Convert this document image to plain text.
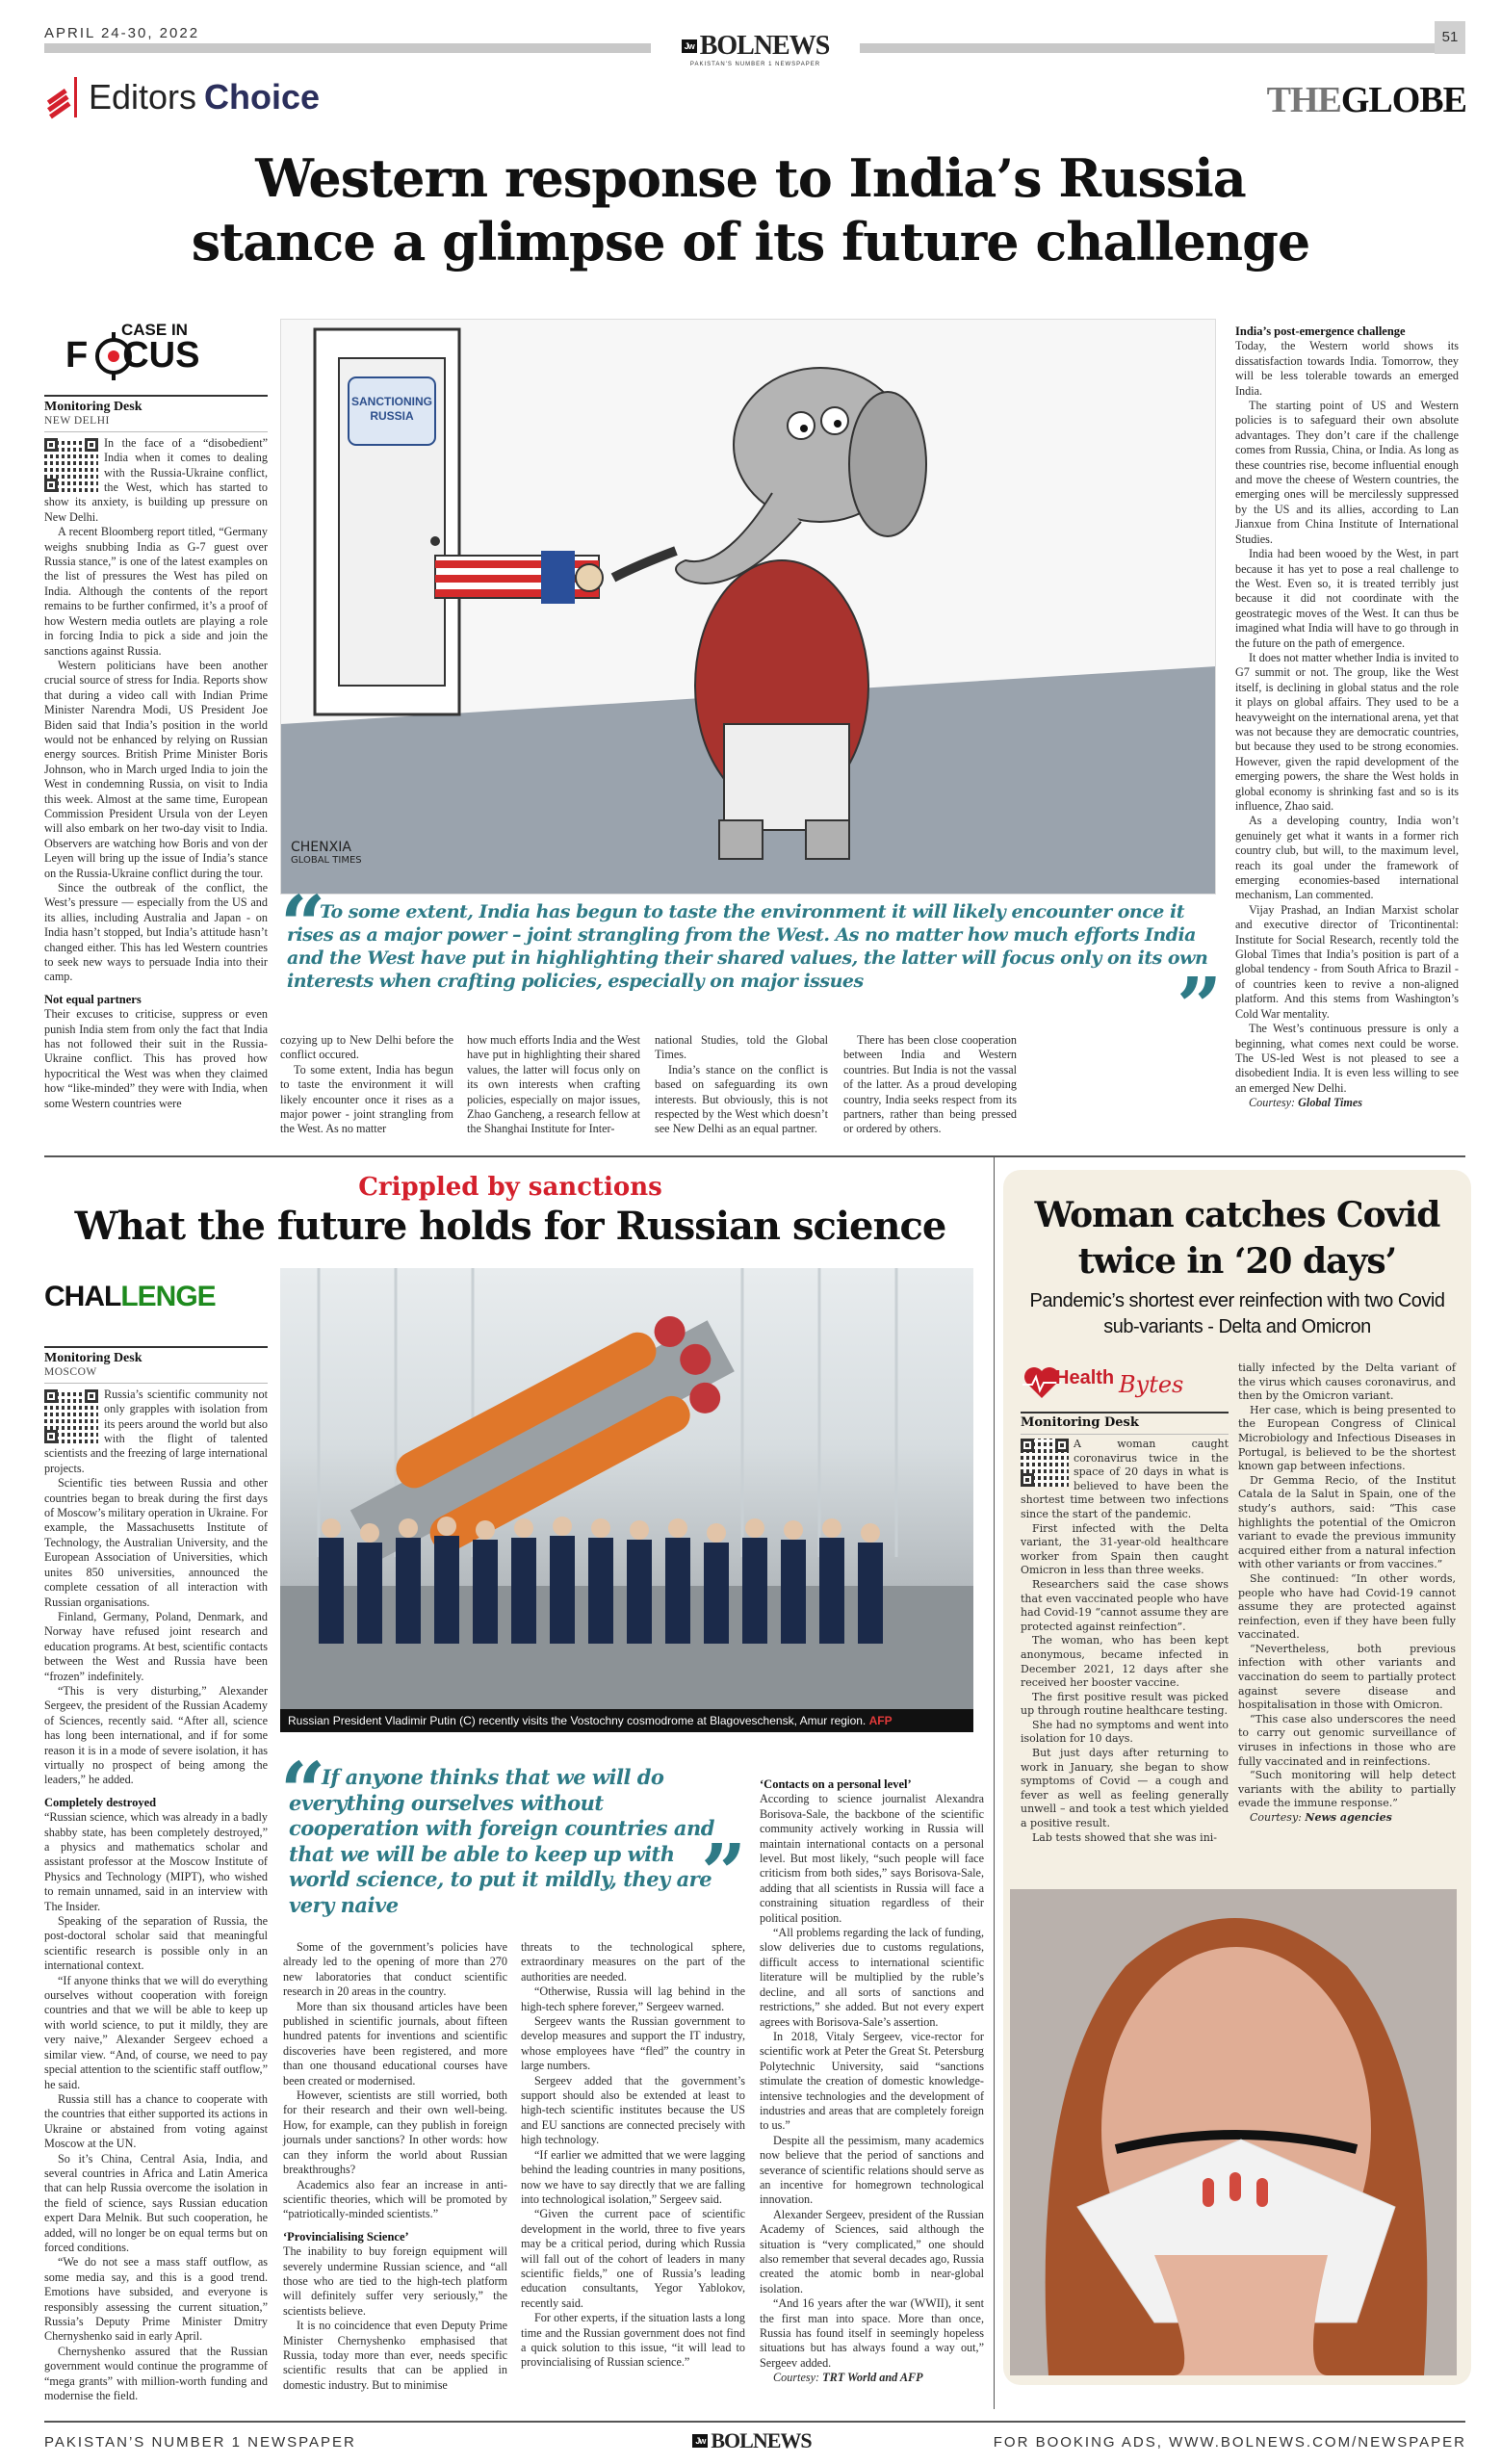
APRIL 24-30, 2022	51
Jw BOLNEWS
PAKISTAN'S NUMBER 1 NEWSPAPER
Editors Choice	THEGLOBE
Western response to India’s Russia
stance a glimpse of its future challenge
CASE IN
F CUS
Monitoring Desk
NEW DELHI

In the face of a “disobedient” India when it comes to dealing with the Russia-Ukraine conflict, the West, which has started to show its anxiety, is building up pressure on New Delhi.

A recent Bloomberg report titled, “Germany weighs snubbing India as G-7 guest over Russia stance,” is one of the latest examples on the list of pressures the West has piled on India. Although the contents of the report remains to be further confirmed, it’s a proof of how Western media outlets are playing a role in forcing India to pick a side and join the sanctions against Russia.

Western politicians have been another crucial source of stress for India. Reports show that during a video call with Indian Prime Minister Narendra Modi, US President Joe Biden said that India’s position in the world would not be enhanced by relying on Russian energy sources. British Prime Minister Boris Johnson, who in March urged India to join the West in condemning Russia, on visit to India this week. Almost at the same time, European Commission President Ursula von der Leyen will also embark on her two-day visit to India. Observers are watching how Boris and von der Leyen will bring up the issue of India’s stance on the Russia-Ukraine conflict during the tour.

Since the outbreak of the conflict, the West’s pressure — especially from the US and its allies, including Australia and Japan - on India hasn’t stopped, but India’s attitude hasn’t changed either. This has led Western countries to seek new ways to persuade India into their camp.

Not equal partners

Their excuses to criticise, suppress or even punish India stem from only the fact that India has not followed their suit in the Russia-Ukraine conflict. This has proved how hypocritical the West was when they claimed how “like-minded” they were with India, when some Western countries were

SANCTIONING RUSSIA
CHENXIA
GLOBAL TIMES
“
To some extent, India has begun to taste the environment it will likely encounter once it rises as a major power – joint strangling from the West. As no matter how much efforts India and the West have put in highlighting their shared values, the latter will focus only on its own interests when crafting policies, especially on major issues	”

cozying up to New Delhi before the conflict occured.

To some extent, India has begun to taste the environment it will likely encounter once it rises as a major power - joint strangling from the West. As no matter

how much efforts India and the West have put in highlighting their shared values, the latter will focus only on its own interests when crafting policies, especially on major issues, Zhao Gancheng, a research fellow at the Shanghai Institute for Inter-

national Studies, told the Global Times.

India’s stance on the conflict is based on safeguarding its own interests. But obviously, this is not respected by the West which doesn’t see New Delhi as an equal partner.

There has been close cooperation between India and Western countries. But India is not the vassal of the latter. As a proud developing country, India seeks respect from its partners, rather than being pressed or ordered by others.

India’s post-emergence challenge

Today, the Western world shows its dissatisfaction towards India. Tomorrow, they will be less tolerable towards an emerged India.

The starting point of US and Western policies is to safeguard their own absolute advantages. They don’t care if the challenge comes from Russia, China, or India. As long as these countries rise, become influential enough and move the cheese of Western countries, the emerging ones will be mercilessly suppressed by the US and its allies, according to Lan Jianxue from China Institute of International Studies.

India had been wooed by the West, in part because it has yet to pose a real challenge to the West. Even so, it is treated terribly just because it did not coordinate with the geostrategic moves of the West. It can thus be imagined what India will have to go through in the future on the path of emergence.

It does not matter whether India is invited to G7 summit or not. The group, like the West itself, is declining in global status and the role it plays on global affairs. They used to be a heavyweight on the international arena, yet that was not because they are democratic countries, but because they used to be strong economies. However, given the rapid development of the emerging powers, the share the West holds in global economy is shrinking fast and so is its influence, Zhao said.

As a developing country, India won’t genuinely get what it wants in a former rich country club, but will, to the maximum level, reach its goal under the framework of emerging economies-based international mechanism, Lan commented.

Vijay Prashad, an Indian Marxist scholar and executive director of Tricontinental: Institute for Social Research, recently told the Global Times that India’s position is part of a global tendency - from South Africa to Brazil - of countries keen to revive a non-aligned platform. And this stems from Washington’s Cold War mentality.

The West’s continuous pressure is only a beginning, what comes next could be worse. The US-led West is not pleased to see a disobedient India. It is even less willing to see an emerged New Delhi.

Courtesy: Global Times

Crippled by sanctions
What the future holds for Russian science
CHALLENGE
Monitoring Desk
MOSCOW

Russia’s scientific community not only grapples with isolation from its peers around the world but also with the flight of talented scientists and the freezing of large international projects.

Scientific ties between Russia and other countries began to break during the first days of Moscow’s military operation in Ukraine. For example, the Massachusetts Institute of Technology, the Australian University, and the European Association of Universities, which unites 850 universities, announced the complete cessation of all interaction with Russian organisations.

Finland, Germany, Poland, Denmark, and Norway have refused joint research and education programs. At best, scientific contacts between the West and Russia have been “frozen” indefinitely.

“This is very disturbing,” Alexander Sergeev, the president of the Russian Academy of Sciences, recently said. “After all, science has long been international, and if for some reason it is in a mode of severe isolation, it has virtually no prospect of being among the leaders,” he added.

Completely destroyed

“Russian science, which was already in a badly shabby state, has been completely destroyed,” a physics and mathematics scholar and assistant professor at the Moscow Institute of Physics and Technology (MIPT), who wished to remain unnamed, said in an interview with The Insider.

Speaking of the separation of Russia, the post-doctoral scholar said that meaningful scientific research is possible only in an international context.

“If anyone thinks that we will do everything ourselves without cooperation with foreign countries and that we will be able to keep up with world science, to put it mildly, they are very naive,” Alexander Sergeev echoed a similar view. “And, of course, we need to pay special attention to the scientific staff outflow,” he said.

Russia still has a chance to cooperate with the countries that either supported its actions in Ukraine or abstained from voting against Moscow at the UN.

So it’s China, Central Asia, India, and several countries in Africa and Latin America that can help Russia overcome the isolation in the field of science, says Russian education expert Dara Melnik. But such cooperation, he added, will no longer be on equal terms but on forced conditions.

“We do not see a mass staff outflow, as some media say, and this is a good trend. Emotions have subsided, and everyone is responsibly assessing the current situation,” Russia’s Deputy Prime Minister Dmitry Chernyshenko said in early April.

Chernyshenko assured that the Russian government would continue the programme of “mega grants” with million-worth funding and modernise the field.

Russian President Vladimir Putin (C) recently visits the Vostochny cosmodrome at Blagoveschensk, Amur region. AFP
“
If anyone thinks that we will do everything ourselves without cooperation with foreign countries and that we will be able to keep up with world science, to put it mildly, they are very naive	”

Some of the government’s policies have already led to the opening of more than 270 new laboratories that conduct scientific research in 20 areas in the country.

More than six thousand articles have been published in scientific journals, about fifteen hundred patents for inventions and scientific discoveries have been registered, and more than one thousand educational courses have been created or modernised.

However, scientists are still worried, both for their research and their own well-being. How, for example, can they publish in foreign journals under sanctions? In other words: how can they inform the world about Russian breakthroughs?

Academics also fear an increase in anti-scientific theories, which will be promoted by “patriotically-minded scientists.”

‘Provincialising Science’

The inability to buy foreign equipment will severely undermine Russian science, and “all those who are tied to the high-tech platform will definitely suffer very seriously,” the scientists believe.

It is no coincidence that even Deputy Prime Minister Chernyshenko emphasised that Russia, today more than ever, needs specific scientific results that can be applied in domestic industry. But to minimise

threats to the technological sphere, extraordinary measures on the part of the authorities are needed.

“Otherwise, Russia will lag behind in the high-tech sphere forever,” Sergeev warned.

Sergeev wants the Russian government to develop measures and support the IT industry, whose employees have “fled” the country in large numbers.

Sergeev added that the government’s support should also be extended at least to high-tech scientific institutes because the US and EU sanctions are connected precisely with high technology.

“If earlier we admitted that we were lagging behind the leading countries in many positions, now we have to say directly that we are falling into technological isolation,” Sergeev said.

“Given the current pace of scientific development in the world, three to five years may be a critical period, during which Russia will fall out of the cohort of leaders in many scientific fields,” one of Russia’s leading education consultants, Yegor Yablokov, recently said.

For other experts, if the situation lasts a long time and the Russian government does not find a quick solution to this issue, “it will lead to provincialising of Russian science.”

‘Contacts on a personal level’

According to science journalist Alexandra Borisova-Sale, the backbone of the scientific community actively working in Russia will maintain international contacts on a personal level. But most likely, “such people will face criticism from both sides,” says Borisova-Sale, adding that all scientists in Russia will face a constraining situation regardless of their political position.

“All problems regarding the lack of funding, slow deliveries due to customs regulations, difficult access to international scientific literature will be multiplied by the ruble’s decline, and all sorts of sanctions and restrictions,” she added. But not every expert agrees with Borisova-Sale’s assertion.

In 2018, Vitaly Sergeev, vice-rector for scientific work at Peter the Great St. Petersburg Polytechnic University, said “sanctions stimulate the creation of domestic knowledge-intensive technologies and the development of industries and areas that are completely foreign to us.”

Despite all the pessimism, many academics now believe that the period of sanctions and severance of scientific relations should serve as an incentive for homegrown technological innovation.

Alexander Sergeev, president of the Russian Academy of Sciences, said although the situation is “very complicated,” one should also remember that several decades ago, Russia created the atomic bomb in near-global isolation.

“And 16 years after the war (WWII), it sent the first man into space. More than once, Russia has found itself in seemingly hopeless situations but has always found a way out,” Sergeev added.

Courtesy: TRT World and AFP

Woman catches Covid
twice in ‘20 days’
Pandemic’s shortest ever reinfection with two Covid sub-variants - Delta and Omicron
Health Bytes
Monitoring Desk

A woman caught coronavirus twice in the space of 20 days in what is believed to have been the shortest time between two infections since the start of the pandemic.

First infected with the Delta variant, the 31-year-old healthcare worker from Spain then caught Omicron in less than three weeks.

Researchers said the case shows that even vaccinated people who have had Covid-19 “cannot assume they are protected against reinfection”.

The woman, who has been kept anonymous, became infected in December 2021, 12 days after she received her booster vaccine.

The first positive result was picked up through routine healthcare testing.

She had no symptoms and went into isolation for 10 days.

But just days after returning to work in January, she began to show symptoms of Covid — a cough and fever as well as feeling generally unwell – and took a test which yielded a positive result.

Lab tests showed that she was ini-

tially infected by the Delta variant of the virus which causes coronavirus, and then by the Omicron variant.

Her case, which is being presented to the European Congress of Clinical Microbiology and Infectious Diseases in Portugal, is believed to be the shortest known gap between infections.

Dr Gemma Recio, of the Institut Catala de la Salut in Spain, one of the study’s authors, said: “This case highlights the potential of the Omicron variant to evade the previous immunity acquired either from a natural infection with other variants or from vaccines.”

She continued: “In other words, people who have had Covid-19 cannot assume they are protected against reinfection, even if they have been fully vaccinated.

“Nevertheless, both previous infection with other variants and vaccination do seem to partially protect against severe disease and hospitalisation in those with Omicron.

“This case also underscores the need to carry out genomic surveillance of viruses in infections in those who are fully vaccinated and in reinfections.

“Such monitoring will help detect variants with the ability to partially evade the immune response.”

Courtesy: News agencies

PAKISTAN’S NUMBER 1 NEWSPAPER	Jw BOLNEWS	FOR BOOKING ADS, WWW.BOLNEWS.COM/NEWSPAPER
